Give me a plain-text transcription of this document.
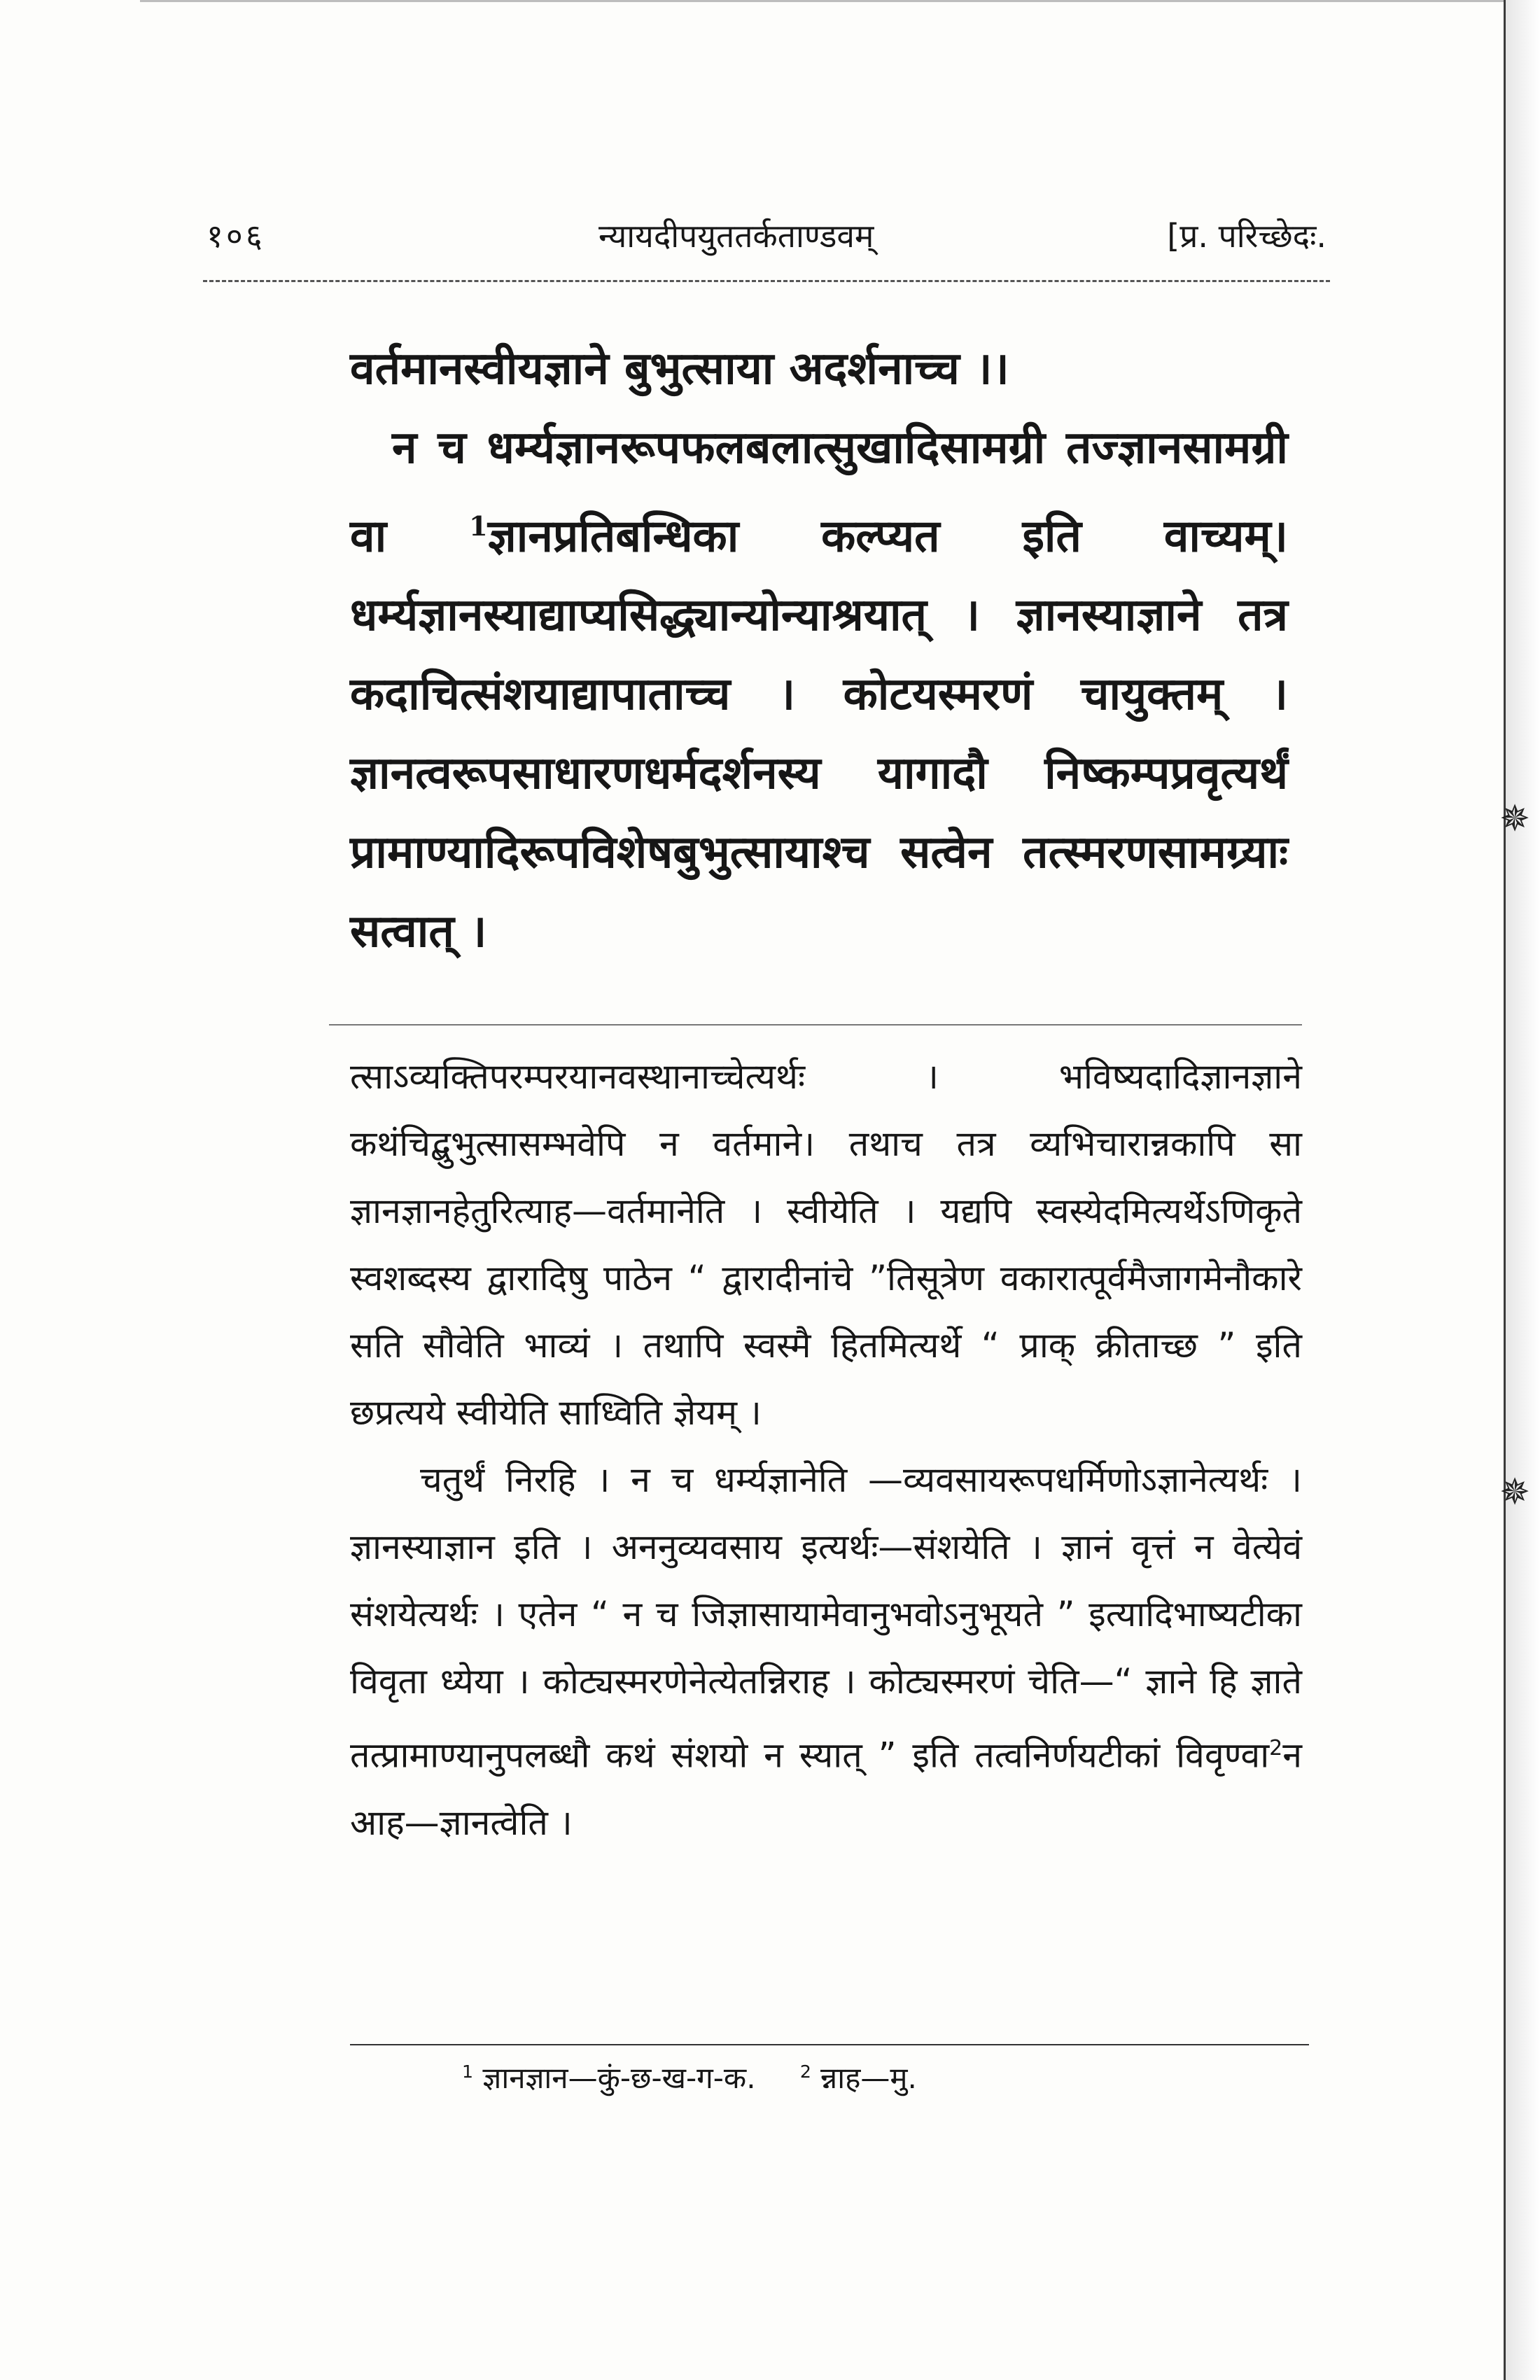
✵
✵
१०६	न्यायदीपयुततर्कताण्डवम्	[प्र. परिच्छेदः.

वर्तमानस्वीयज्ञाने बुभुत्साया अदर्शनाच्च ।।

न च धर्म्यज्ञानरूपफलबलात्सुखादिसामग्री तज्ज्ञानसामग्री वा $^1$ज्ञानप्रतिबन्धिका कल्प्यत इति वाच्यम्। धर्म्यज्ञानस्याद्याप्यसिद्ध्यान्योन्याश्रयात् । ज्ञानस्याज्ञाने तत्र कदाचित्संशयाद्यापाताच्च । कोटयस्मरणं चायुक्तम् । ज्ञानत्वरूपसाधारणधर्मदर्शनस्य यागादौ निष्कम्पप्रवृत्यर्थं प्रामाण्यादिरूपविशेषबुभुत्सायाश्च सत्वेन तत्स्मरणसामग्र्याः सत्वात् ।

त्साऽव्यक्तिपरम्परयानवस्थानाच्चेत्यर्थः । भविष्यदादिज्ञानज्ञाने कथंचिद्बुभुत्सासम्भवेपि न वर्तमाने। तथाच तत्र व्यभिचारान्नकापि सा ज्ञानज्ञानहेतुरित्याह—वर्तमानेति । स्वीयेति । यद्यपि स्वस्येदमित्यर्थेऽणिकृते स्वशब्दस्य द्वारादिषु पाठेन “ द्वारादीनांचे ”तिसूत्रेण वकारात्पूर्वमैजागमेनौकारे सति सौवेति भाव्यं । तथापि स्वस्मै हितमित्यर्थे “ प्राक् क्रीताच्छ ” इति छप्रत्यये स्वीयेति साध्विति ज्ञेयम् ।

चतुर्थं निरहि । न च धर्म्यज्ञानेति —व्यवसायरूपधर्मिणोऽज्ञानेत्यर्थः । ज्ञानस्याज्ञान इति । अननुव्यवसाय इत्यर्थः—संशयेति । ज्ञानं वृत्तं न वेत्येवं संशयेत्यर्थः । एतेन “ न च जिज्ञासायामेवानुभवोऽनुभूयते ” इत्यादिभाष्यटीका विवृता ध्येया । कोट्यस्मरणेनेत्येतन्निराह । कोट्यस्मरणं चेति—“ ज्ञाने हि ज्ञाते तत्प्रामाण्यानुपलब्धौ कथं संशयो न स्यात् ” इति तत्वनिर्णयटीकां विवृण्वा$^2$न आह—ज्ञानत्वेति ।

$^1$ ज्ञानज्ञान—कुं-छ-ख-ग-क.	$^2$ न्नाह—मु.
